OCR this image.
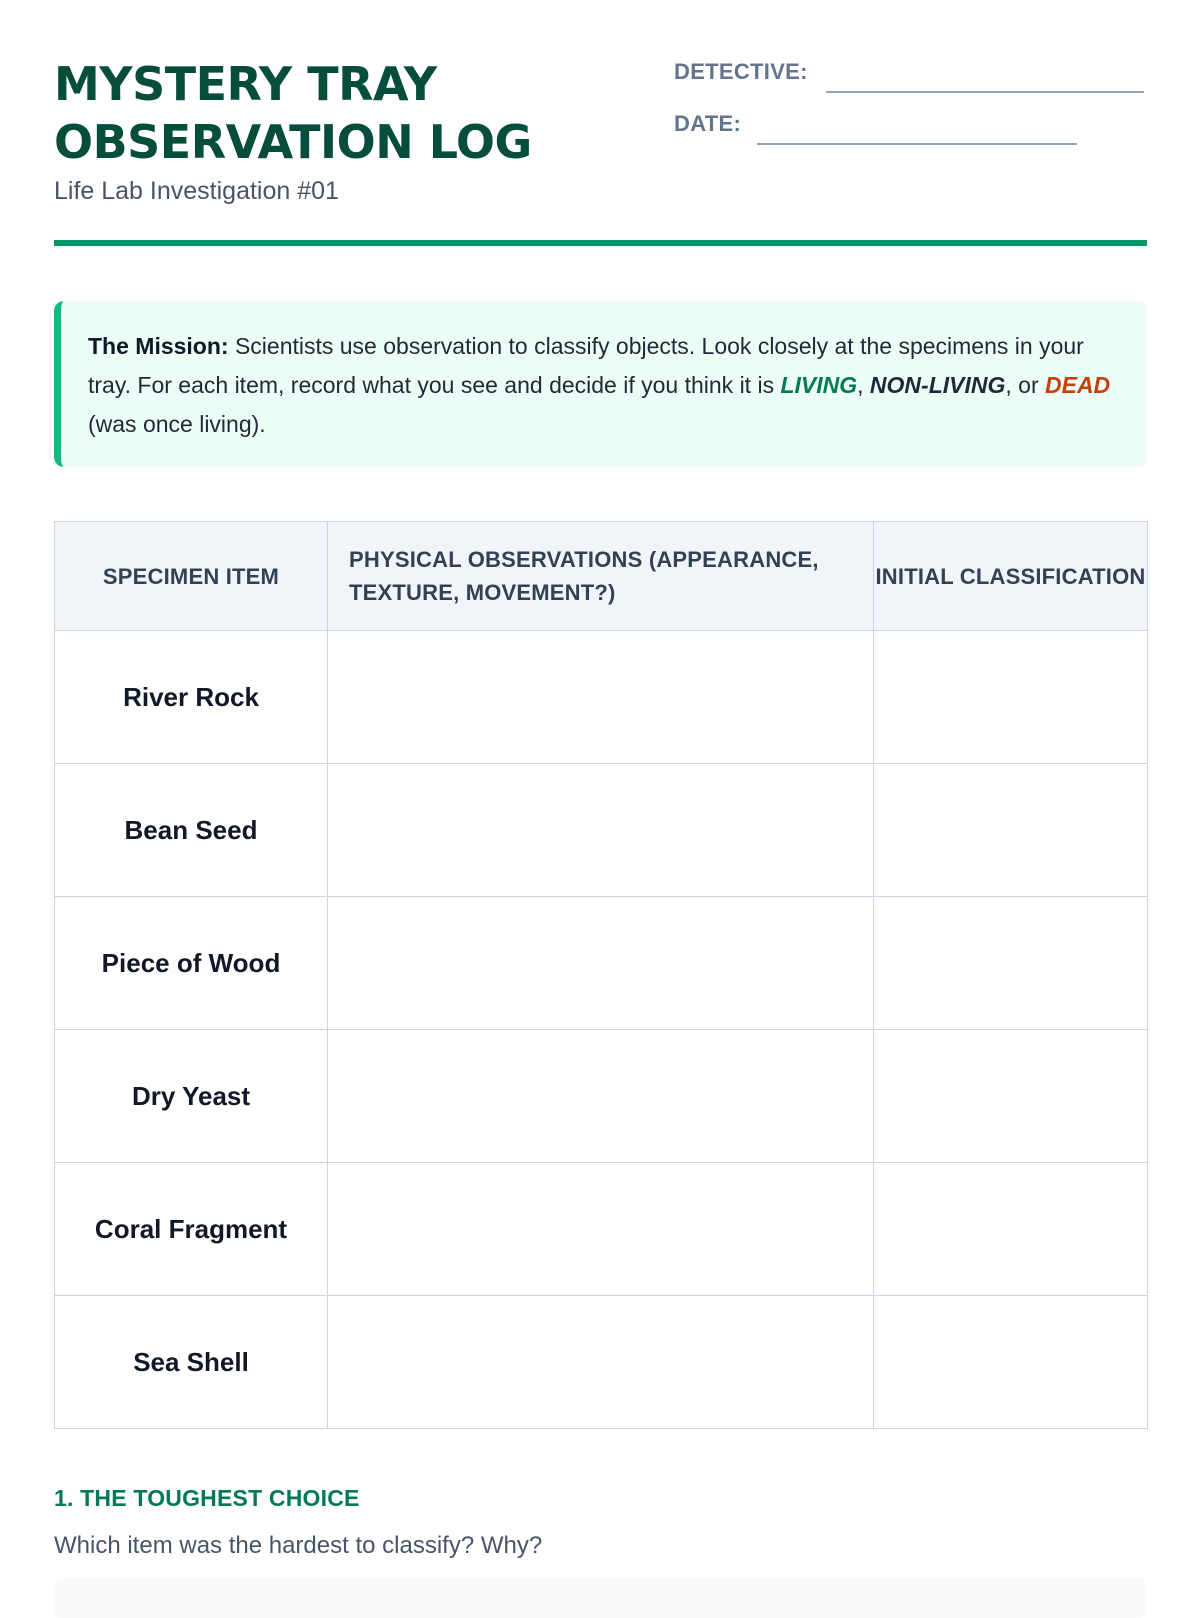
MYSTERY TRAY
OBSERVATION LOG
Life Lab Investigation #01
DETECTIVE:
DATE:
The Mission: Scientists use observation to classify objects. Look closely at the specimens in your tray. For each item, record what you see and decide if you think it is LIVING, NON-LIVING, or DEAD (was once living).
SPECIMEN ITEM	PHYSICAL OBSERVATIONS (APPEARANCE, TEXTURE, MOVEMENT?)	INITIAL CLASSIFICATION
River Rock		
Bean Seed		
Piece of Wood		
Dry Yeast		
Coral Fragment		
Sea Shell		
1. THE TOUGHEST CHOICE
Which item was the hardest to classify? Why?
